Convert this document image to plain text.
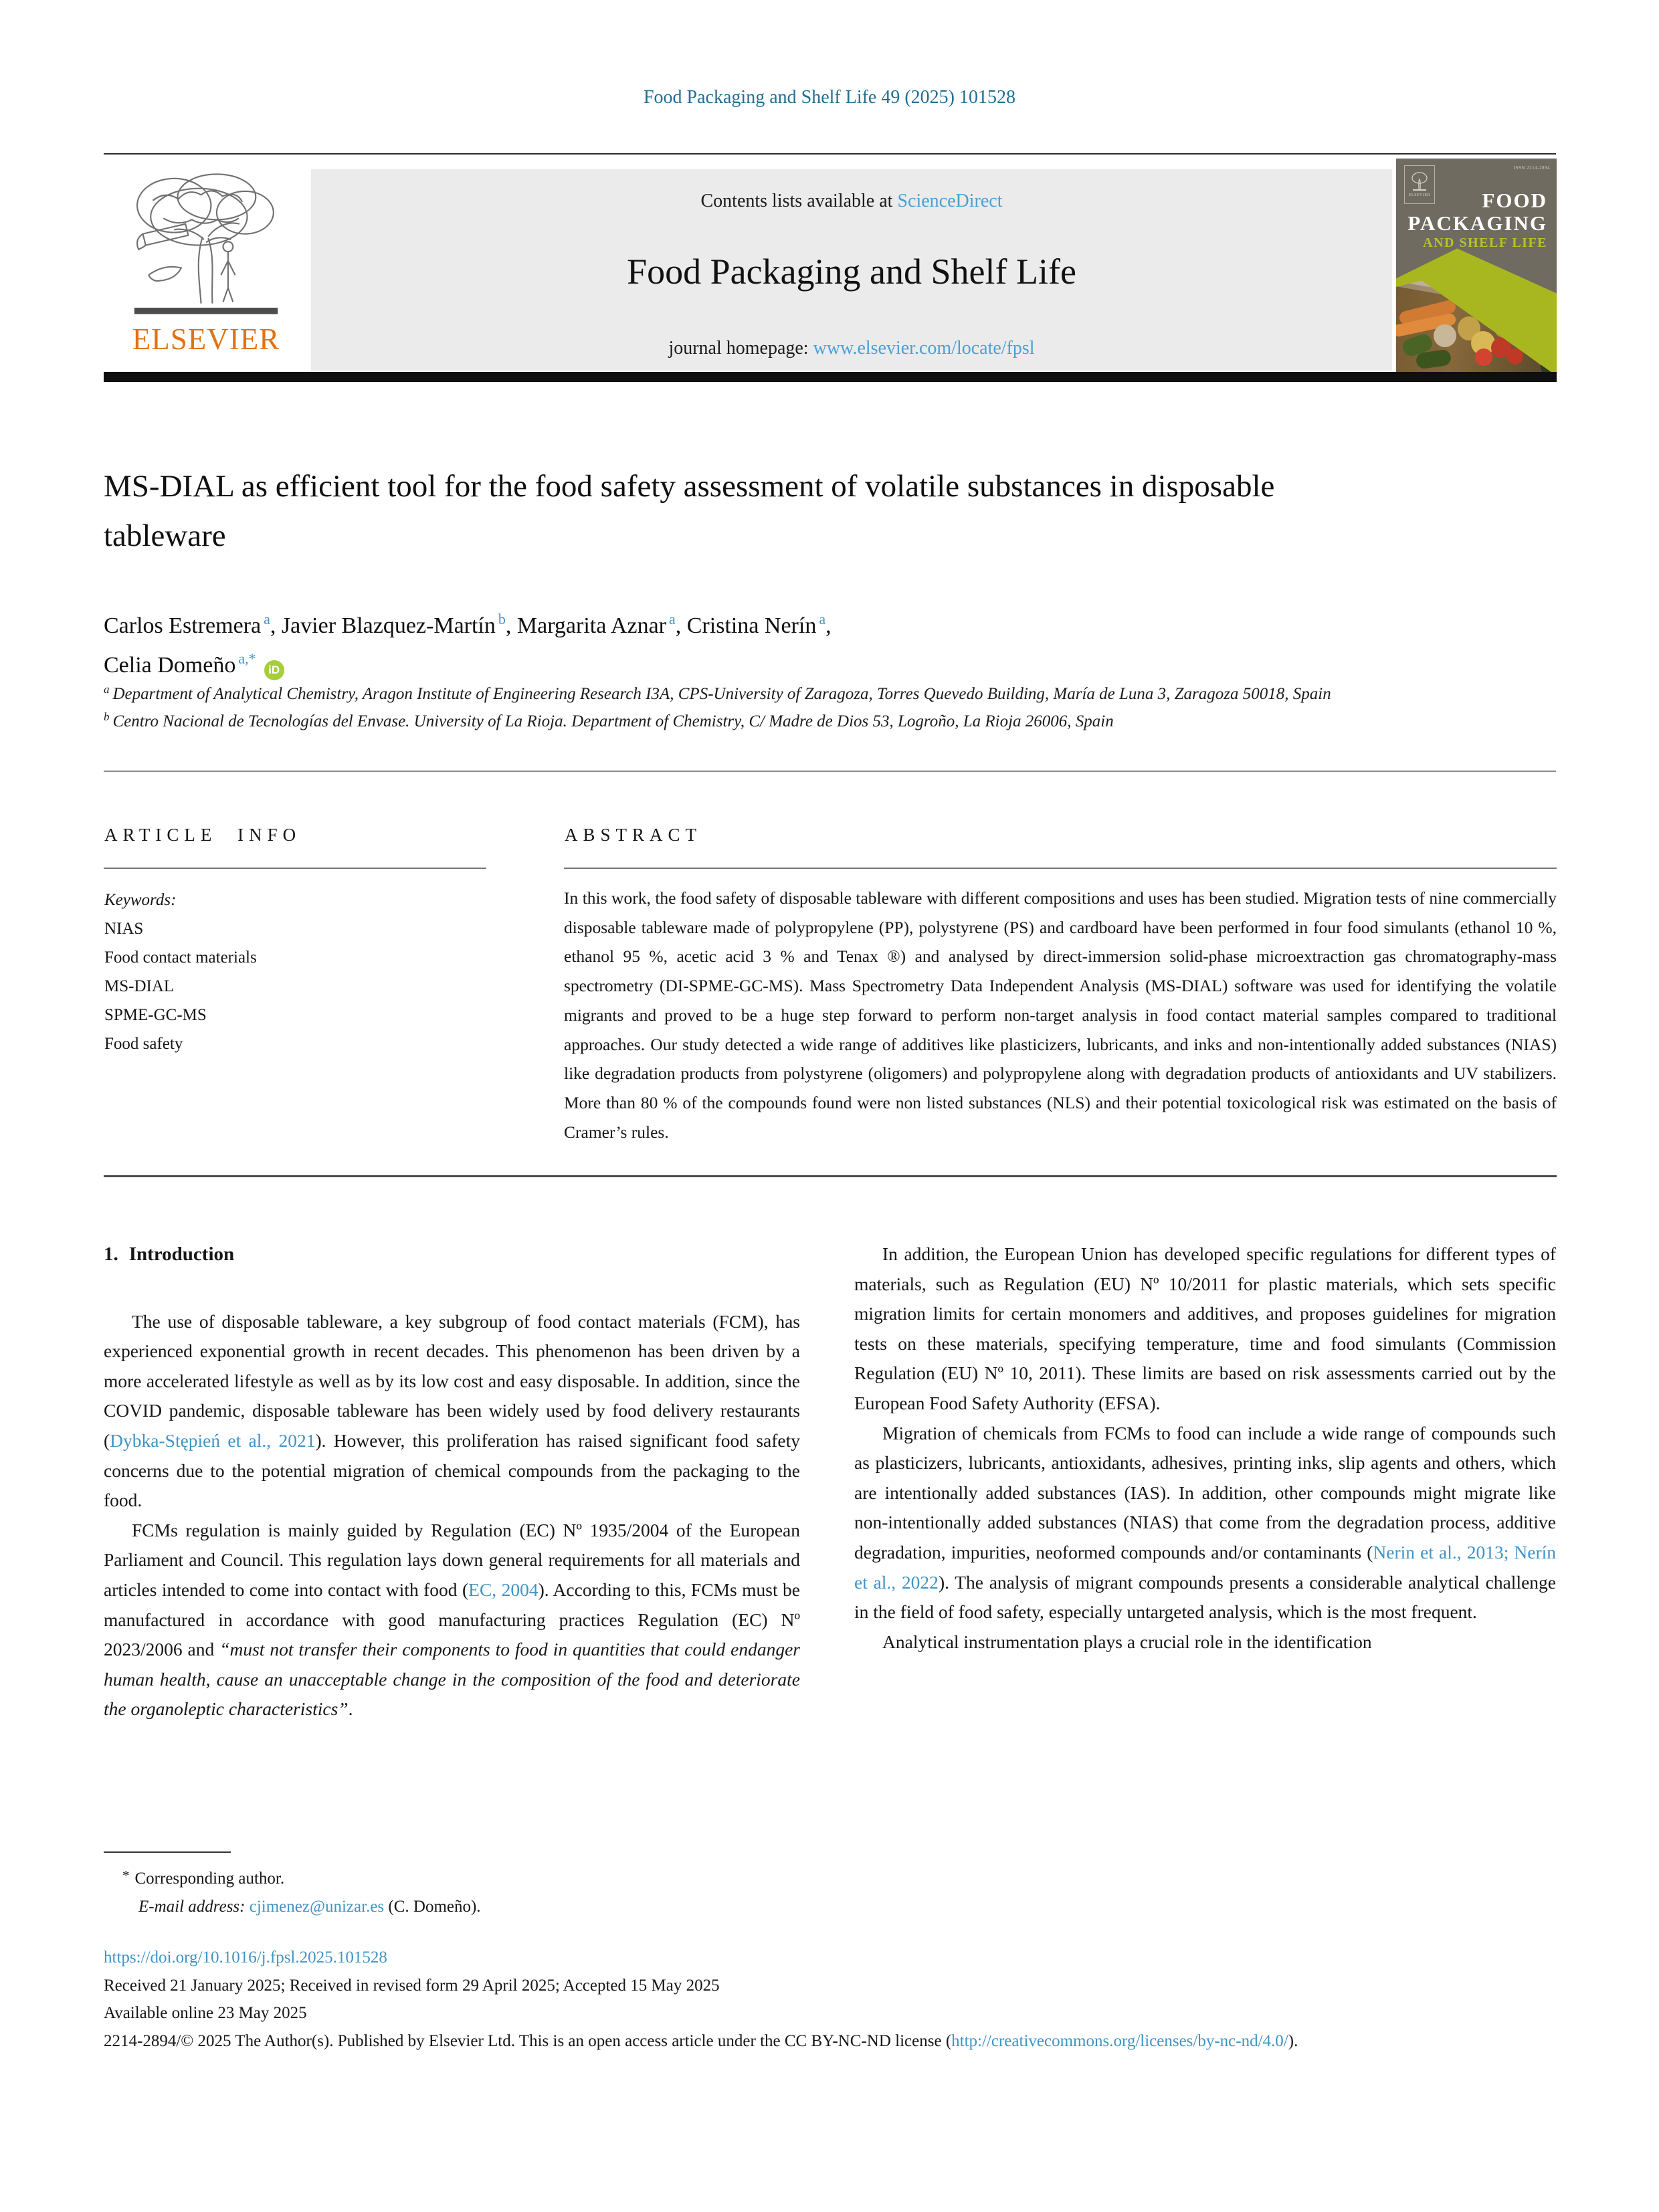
Food Packaging and Shelf Life 49 (2025) 101528
ELSEVIER
Contents lists available at ScienceDirect
Food Packaging and Shelf Life
journal homepage: www.elsevier.com/locate/fpsl
ELSEVIER
ISSN 2214-2894
FOOD
PACKAGING
AND SHELF LIFE
MS-DIAL as efficient tool for the food safety assessment of volatile substances in disposable tableware
Carlos Estremera $^a$, Javier Blazquez-Martín $^b$, Margarita Aznar $^a$, Cristina Nerín $^a$,
Celia Domeño $^{a,*}$iD
$^a$ Department of Analytical Chemistry, Aragon Institute of Engineering Research I3A, CPS-University of Zaragoza, Torres Quevedo Building, María de Luna 3, Zaragoza 50018, Spain
$^b$ Centro Nacional de Tecnologías del Envase. University of La Rioja. Department of Chemistry, C/ Madre de Dios 53, Logroño, La Rioja 26006, Spain
ARTICLE INFO	ABSTRACT
Keywords:
NIAS
Food contact materials
MS-DIAL
SPME-GC-MS
Food safety
In this work, the food safety of disposable tableware with different compositions and uses has been studied. Migration tests of nine commercially disposable tableware made of polypropylene (PP), polystyrene (PS) and cardboard have been performed in four food simulants (ethanol 10 %, ethanol 95 %, acetic acid 3 % and Tenax ®) and analysed by direct-immersion solid-phase microextraction gas chromatography-mass spectrometry (DI-SPME-GC-MS). Mass Spectrometry Data Independent Analysis (MS-DIAL) software was used for identifying the volatile migrants and proved to be a huge step forward to perform non-target analysis in food contact material samples compared to traditional approaches. Our study detected a wide range of additives like plasticizers, lubricants, and inks and non-intentionally added substances (NIAS) like degradation products from polystyrene (oligomers) and polypropylene along with degradation products of antioxidants and UV stabilizers. More than 80 % of the compounds found were non listed substances (NLS) and their potential toxicological risk was estimated on the basis of Cramer’s rules.
1. Introduction

The use of disposable tableware, a key subgroup of food contact materials (FCM), has experienced exponential growth in recent decades. This phenomenon has been driven by a more accelerated lifestyle as well as by its low cost and easy disposable. In addition, since the COVID pandemic, disposable tableware has been widely used by food delivery restaurants (Dybka-Stępień et al., 2021). However, this proliferation has raised significant food safety concerns due to the potential migration of chemical compounds from the packaging to the food.

FCMs regulation is mainly guided by Regulation (EC) Nº 1935/2004 of the European Parliament and Council. This regulation lays down general requirements for all materials and articles intended to come into contact with food (EC, 2004). According to this, FCMs must be manufactured in accordance with good manufacturing practices Regulation (EC) Nº 2023/2006 and “must not transfer their components to food in quantities that could endanger human health, cause an unacceptable change in the composition of the food and deteriorate the organoleptic characteristics”.

In addition, the European Union has developed specific regulations for different types of materials, such as Regulation (EU) Nº 10/2011 for plastic materials, which sets specific migration limits for certain monomers and additives, and proposes guidelines for migration tests on these materials, specifying temperature, time and food simulants (Commission Regulation (EU) Nº 10, 2011). These limits are based on risk assessments carried out by the European Food Safety Authority (EFSA).

Migration of chemicals from FCMs to food can include a wide range of compounds such as plasticizers, lubricants, antioxidants, adhesives, printing inks, slip agents and others, which are intentionally added substances (IAS). In addition, other compounds might migrate like non-intentionally added substances (NIAS) that come from the degradation process, additive degradation, impurities, neoformed compounds and/or contaminants (Nerin et al., 2013; Nerín et al., 2022). The analysis of migrant compounds presents a considerable analytical challenge in the field of food safety, especially untargeted analysis, which is the most frequent.

Analytical instrumentation plays a crucial role in the identification

* Corresponding author.
E-mail address: cjimenez@unizar.es (C. Domeño).
https://doi.org/10.1016/j.fpsl.2025.101528
Received 21 January 2025; Received in revised form 29 April 2025; Accepted 15 May 2025
Available online 23 May 2025
2214-2894/© 2025 The Author(s). Published by Elsevier Ltd. This is an open access article under the CC BY-NC-ND license (http://creativecommons.org/licenses/by-nc-nd/4.0/).
